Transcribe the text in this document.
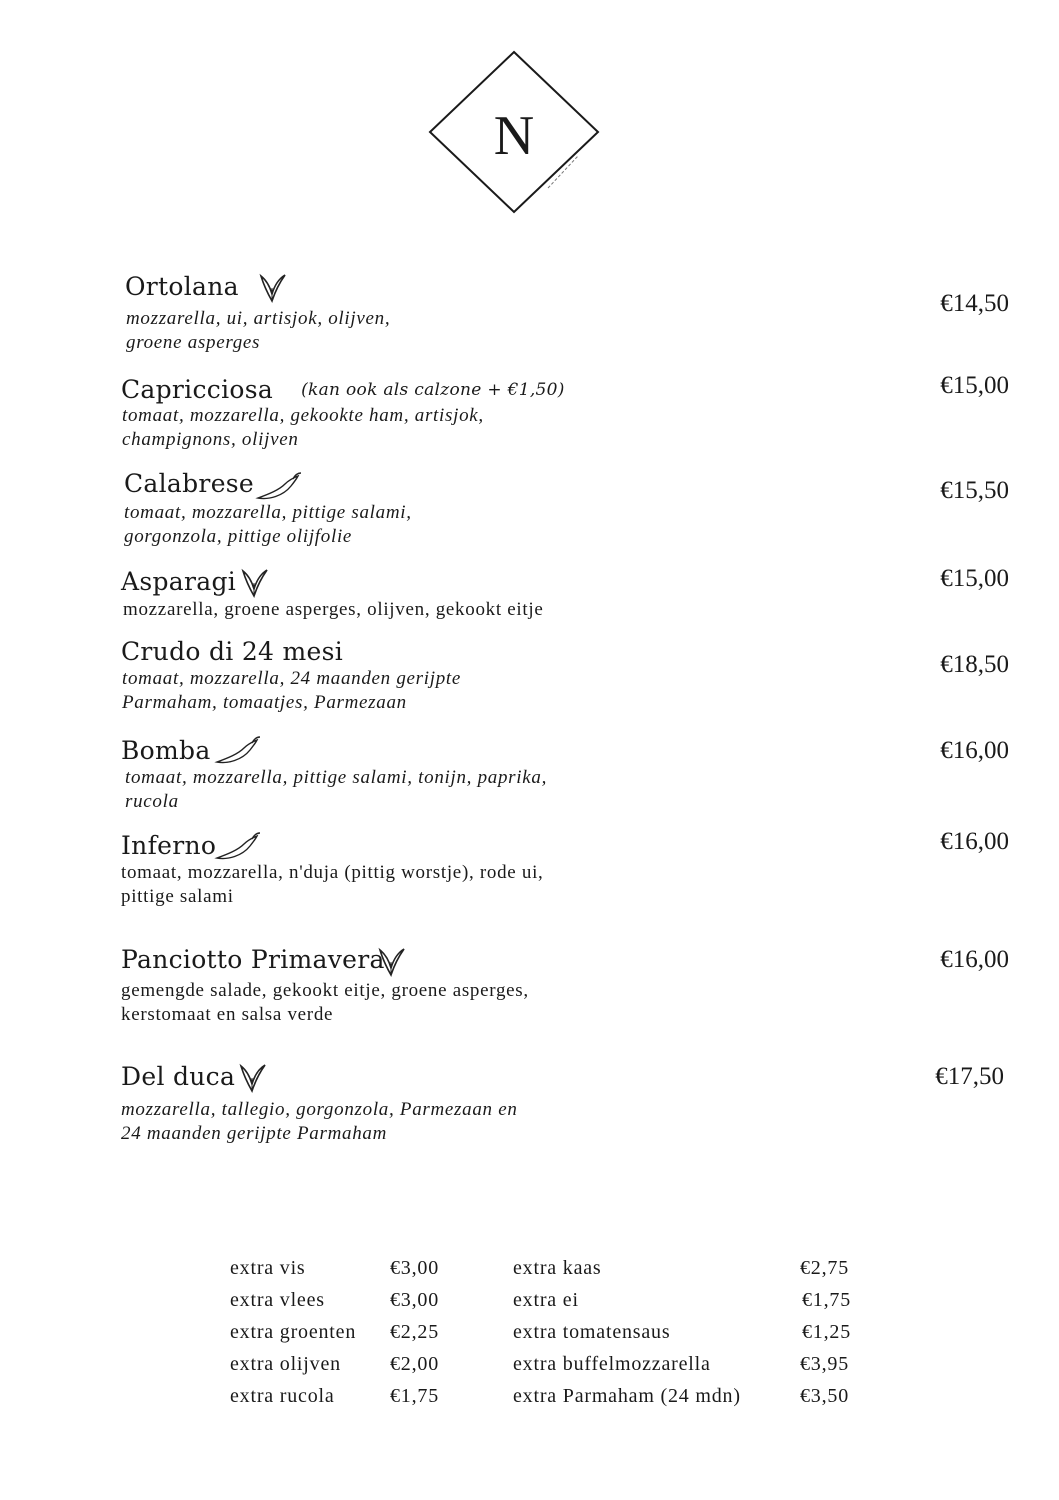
N
Ortolana
mozzarella, ui, artisjok, olijven,
groene asperges
€14,50
Capricciosa (kan ook als calzone + €1,50)
tomaat, mozzarella, gekookte ham, artisjok,
champignons, olijven
€15,00
Calabrese
tomaat, mozzarella, pittige salami,
gorgonzola, pittige olijfolie
€15,50
Asparagi
mozzarella, groene asperges, olijven, gekookt eitje
€15,00
Crudo di 24 mesi
tomaat, mozzarella, 24 maanden gerijpte
Parmaham, tomaatjes, Parmezaan
€18,50
Bomba
tomaat, mozzarella, pittige salami, tonijn, paprika,
rucola
€16,00
Inferno
tomaat, mozzarella, n'duja (pittig worstje), rode ui,
pittige salami
€16,00
Panciotto Primavera
gemengde salade, gekookt eitje, groene asperges,
kerstomaat en salsa verde
€16,00
Del duca
mozzarella, tallegio, gorgonzola, Parmezaan en
24 maanden gerijpte Parmaham
€17,50
extra vis	€3,00
extra vlees	€3,00
extra groenten €2,25
extra olijven €2,00
extra rucola	€1,75
extra kaas	€2,75
extra ei	€1,75
extra tomatensaus	€1,25
extra buffelmozzarella	€3,95
extra Parmaham (24 mdn)	€3,50
